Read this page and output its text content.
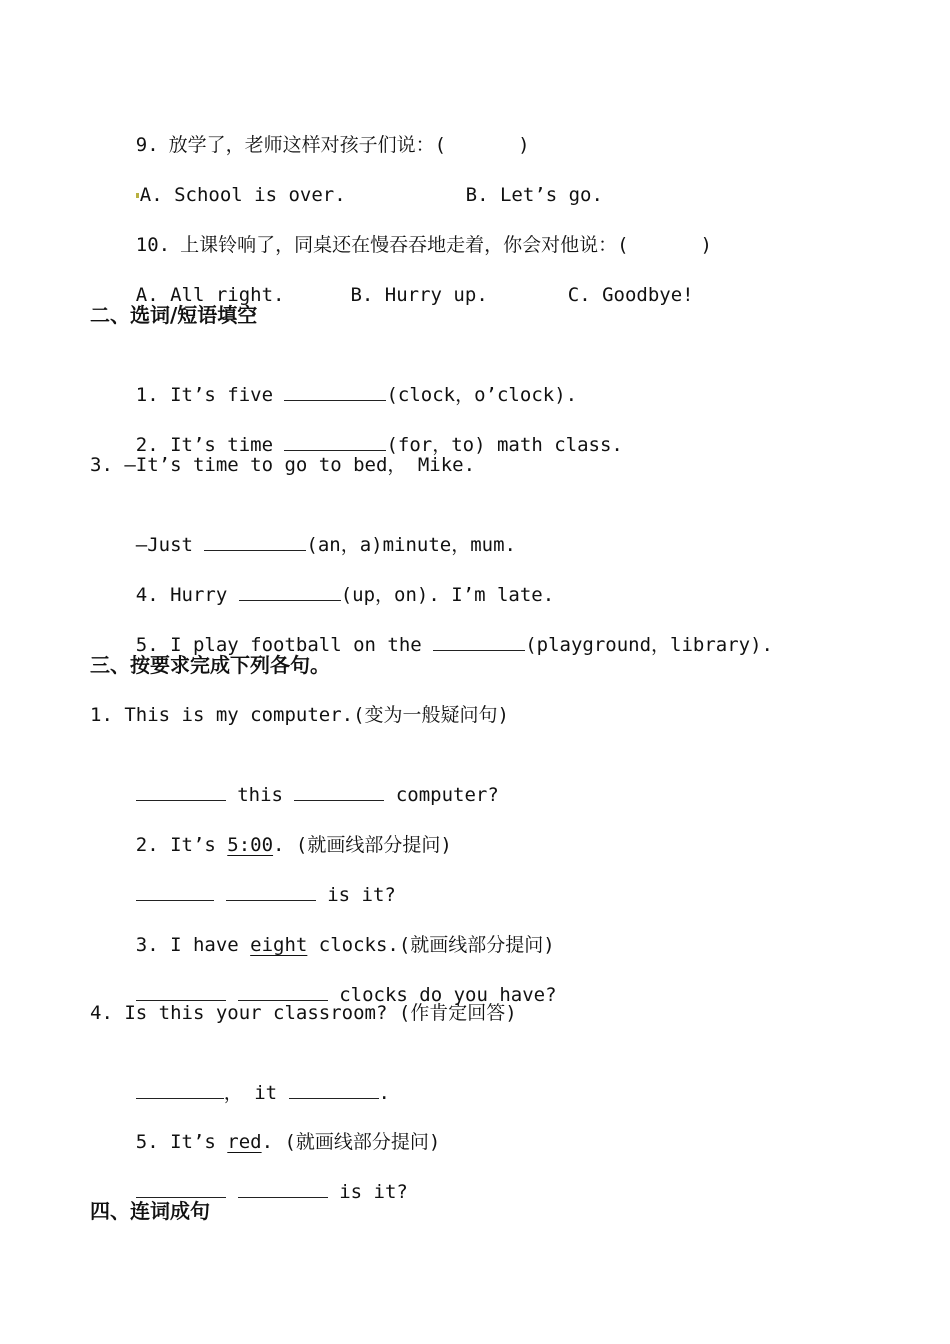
9. 放学了，老师这样对孩子们说：(	)

A. School is over.	B. Let’s go.

10. 上课铃响了，同桌还在慢吞吞地走着，你会对他说：(	)

A. All right.	B. Hurry up.	C. Goodbye!

二、选词/短语填空

1. It’s five	(clock，o’clock).

2. It’s time	(for，to) math class.

3. —It’s time to go to bed， Mike.

—Just	(an，a)minute，mum.

4. Hurry	(up，on). I’m late.

5. I play football on the	(playground，library).

三、按要求完成下列各句。
1. This is my computer.(变为一般疑问句)

this	computer?

2. It’s 5:00. (就画线部分提问)

is it?

3. I have eight clocks.(就画线部分提问)

clocks do you have?

4. Is this your classroom? (作肯定回答)

， it	.

5. It’s red. (就画线部分提问)

is it?

四、连词成句
